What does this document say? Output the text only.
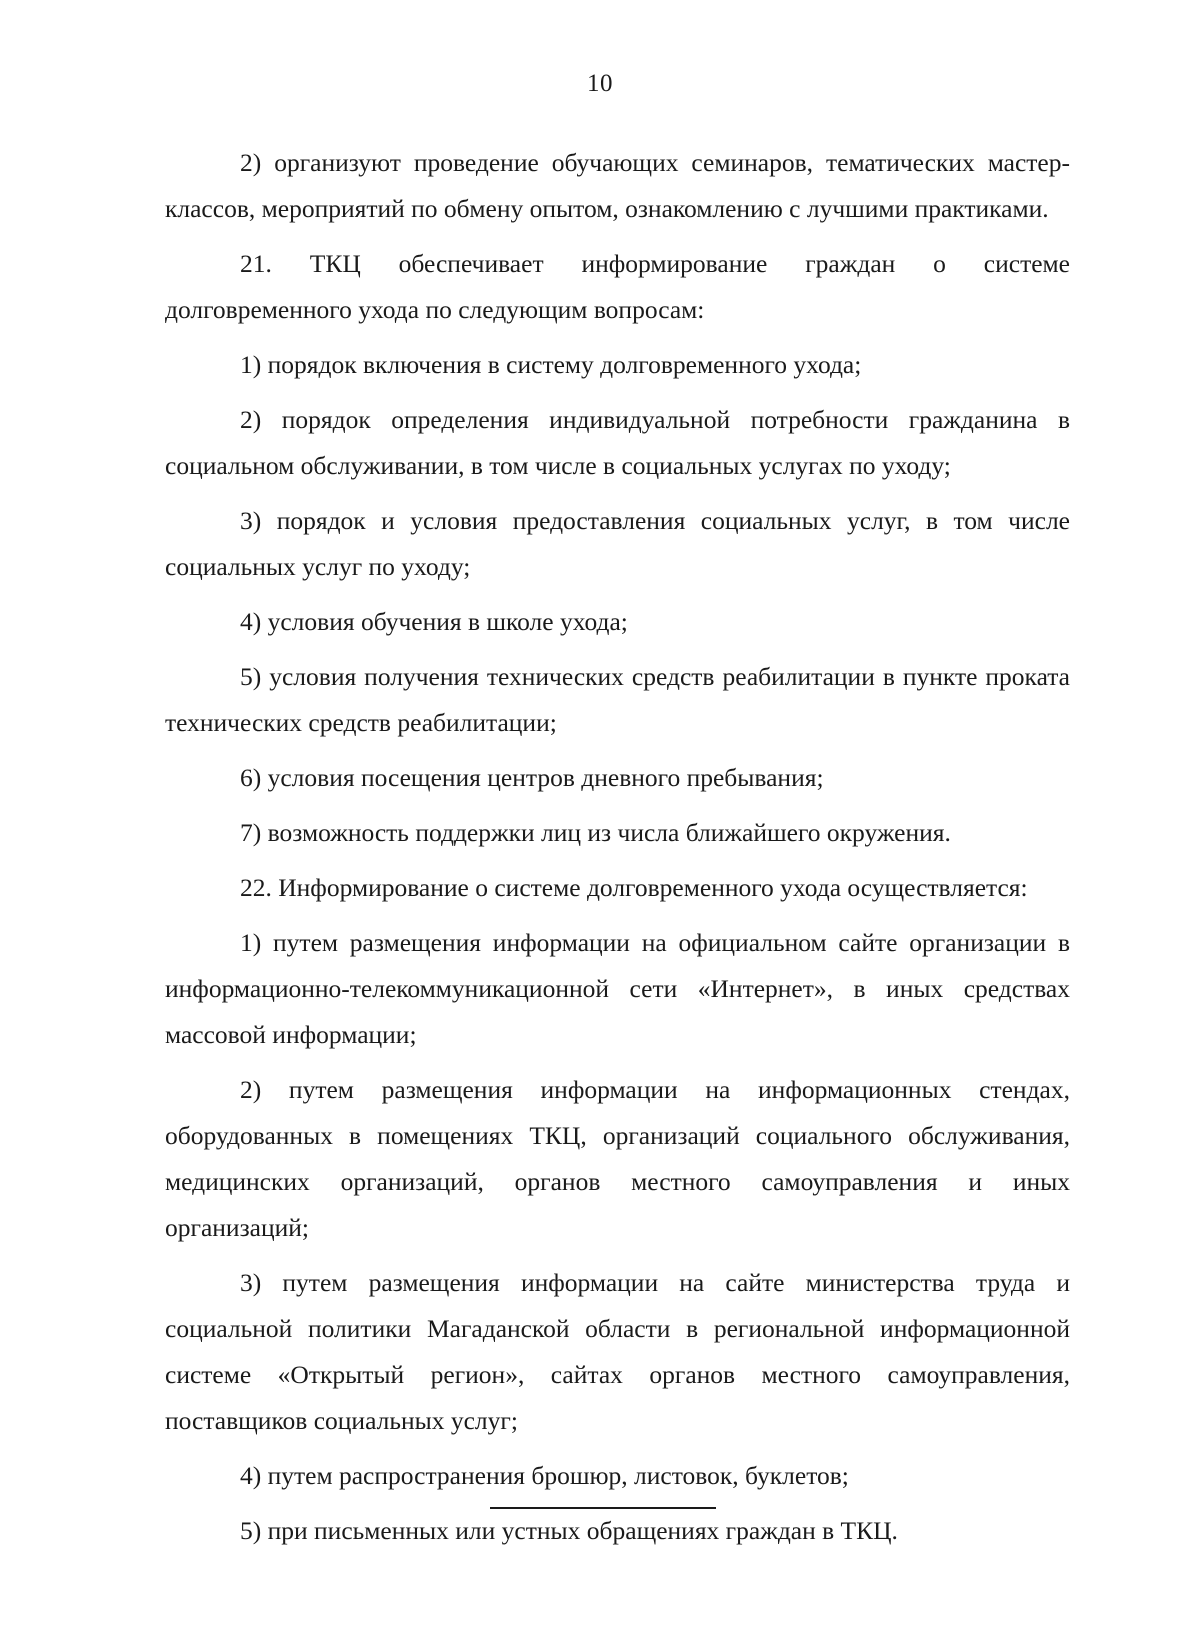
10

2) организуют проведение обучающих семинаров, тематических мастер-классов, мероприятий по обмену опытом, ознакомлению с лучшими практиками.

21. ТКЦ обеспечивает информирование граждан о системе долговременного ухода по следующим вопросам:

1) порядок включения в систему долговременного ухода;

2) порядок определения индивидуальной потребности гражданина в социальном обслуживании, в том числе в социальных услугах по уходу;

3) порядок и условия предоставления социальных услуг, в том числе социальных услуг по уходу;

4) условия обучения в школе ухода;

5) условия получения технических средств реабилитации в пункте проката технических средств реабилитации;

6) условия посещения центров дневного пребывания;

7) возможность поддержки лиц из числа ближайшего окружения.

22. Информирование о системе долговременного ухода осуществляется:

1) путем размещения информации на официальном сайте организации в информационно-телекоммуникационной сети «Интернет», в иных средствах массовой информации;

2) путем размещения информации на информационных стендах, оборудованных в помещениях ТКЦ, организаций социального обслуживания, медицинских организаций, органов местного самоуправления и иных организаций;

3) путем размещения информации на сайте министерства труда и социальной политики Магаданской области в региональной информационной системе «Открытый регион», сайтах органов местного самоуправления, поставщиков социальных услуг;

4) путем распространения брошюр, листовок, буклетов;

5) при письменных или устных обращениях граждан в ТКЦ.
